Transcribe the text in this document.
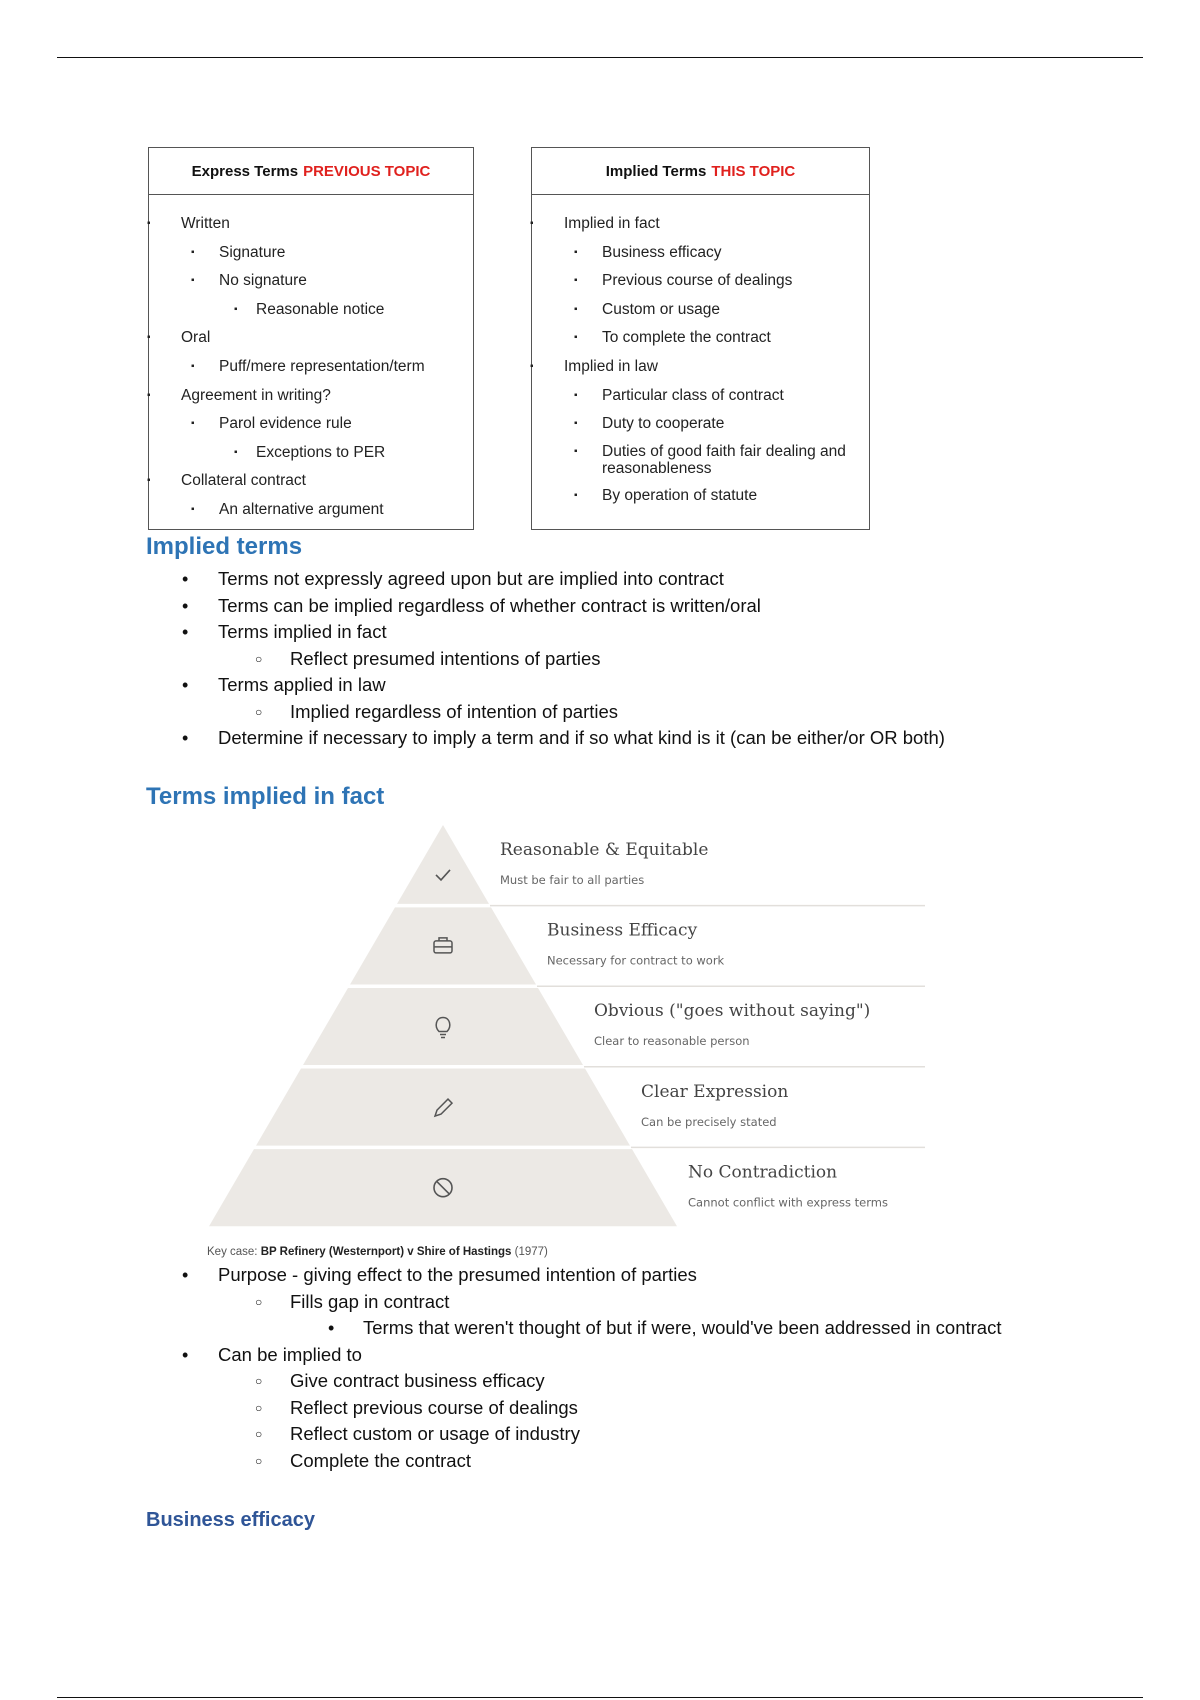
Express Terms PREVIOUS TOPIC
▪ Written
▪ Signature
▪ No signature
▪ Reasonable notice
▪ Oral
▪ Puff/mere representation/term
▪ Agreement in writing?
▪ Parol evidence rule
▪ Exceptions to PER
▪ Collateral contract
▪ An alternative argument
Implied Terms THIS TOPIC
▪ Implied in fact
▪ Business efficacy
▪ Previous course of dealings
▪ Custom or usage
▪ To complete the contract
▪ Implied in law
▪ Particular class of contract
▪ Duty to cooperate
▪ Duties of good faith fair dealing and reasonableness
▪ By operation of statute
Implied terms
• Terms not expressly agreed upon but are implied into contract
• Terms can be implied regardless of whether contract is written/oral
• Terms implied in fact
○ Reflect presumed intentions of parties
• Terms applied in law
○ Implied regardless of intention of parties
• Determine if necessary to imply a term and if so what kind is it (can be either/or OR both)
Terms implied in fact
Reasonable & Equitable
Must be fair to all parties
Business Efficacy
Necessary for contract to work
Obvious ("goes without saying")
Clear to reasonable person
Clear Expression
Can be precisely stated
No Contradiction
Cannot conflict with express terms
Key case: BP Refinery (Westernport) v Shire of Hastings (1977)
• Purpose - giving effect to the presumed intention of parties
○ Fills gap in contract
• Terms that weren't thought of but if were, would've been addressed in contract
• Can be implied to
○ Give contract business efficacy
○ Reflect previous course of dealings
○ Reflect custom or usage of industry
○ Complete the contract
Business efficacy
